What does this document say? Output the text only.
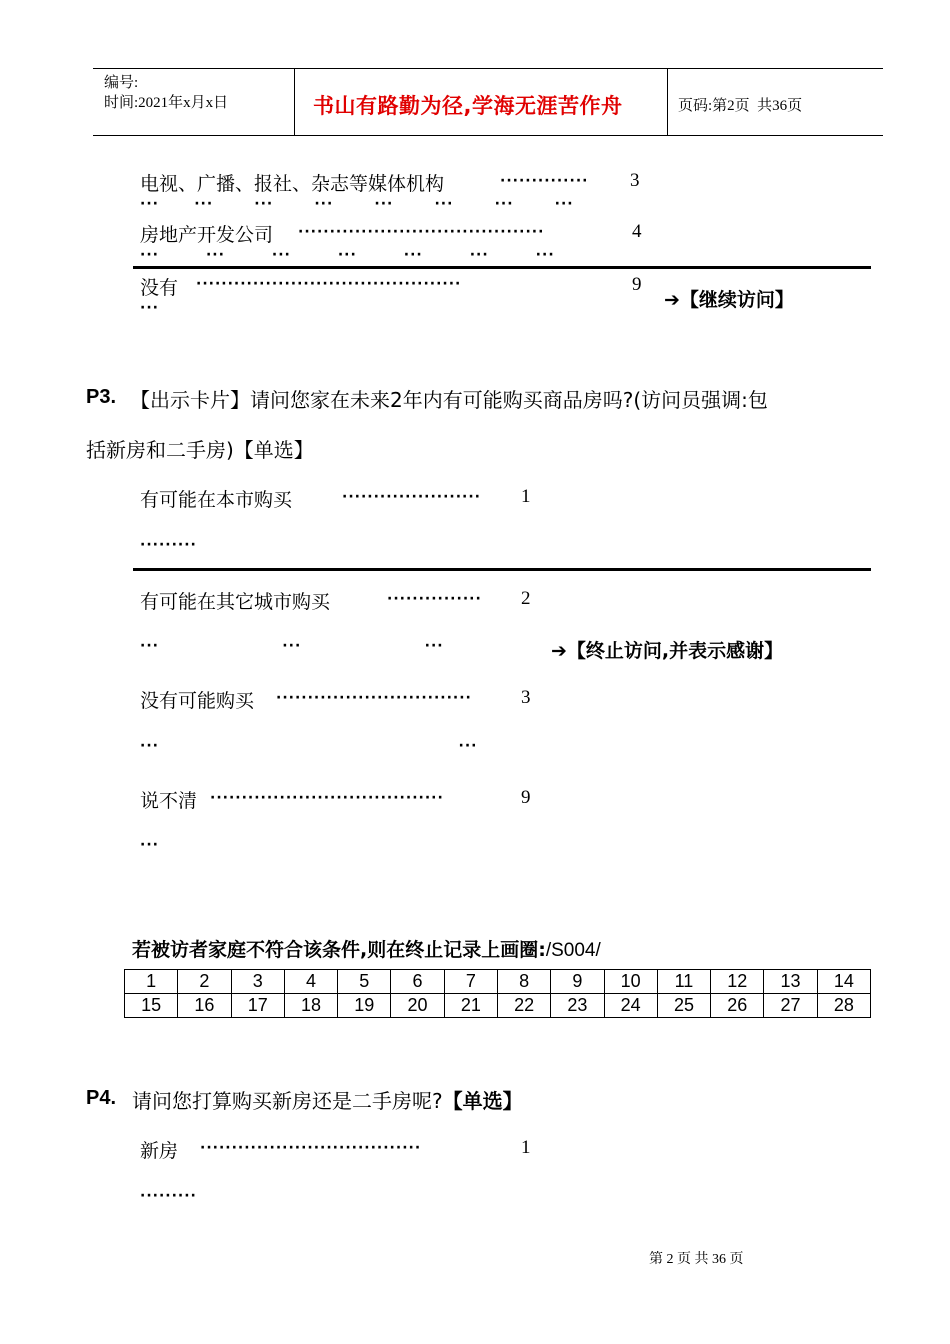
编号:
时间:2021年x月x日	书山有路勤为径,学海无涯苦作舟	页码:第2页  共36页
电视、广播、报社、杂志等媒体机构	·············· 3
···      ···       ···       ···       ···       ···       ···       ···
房地产开发公司 ·······································	4
···        ···        ···        ···        ···        ···        ···
没有 ··········································	9
···	➔【继续访问】
P3. 【出示卡片】请问您家在未来2年内有可能购买商品房吗?(访问员强调:包
括新房和二手房)【单选】
有可能在本市购买	······················ 1
·········
有可能在其它城市购买	··············· 2
···                     ···                     ···	➔【终止访问,并表示感谢】
没有可能购买 ·······························	3
···                                                   ···
说不清 ·····································	9
···
若被访者家庭不符合该条件,则在终止记录上画圈:/S004/
1	2	3	4	5	6	7	8	9	10	11	12	13	14
15	16	17	18	19	20	21	22	23	24	25	26	27	28
P4. 请问您打算购买新房还是二手房呢?【单选】
新房 ···································	1
·········
第 2 页 共 36 页
